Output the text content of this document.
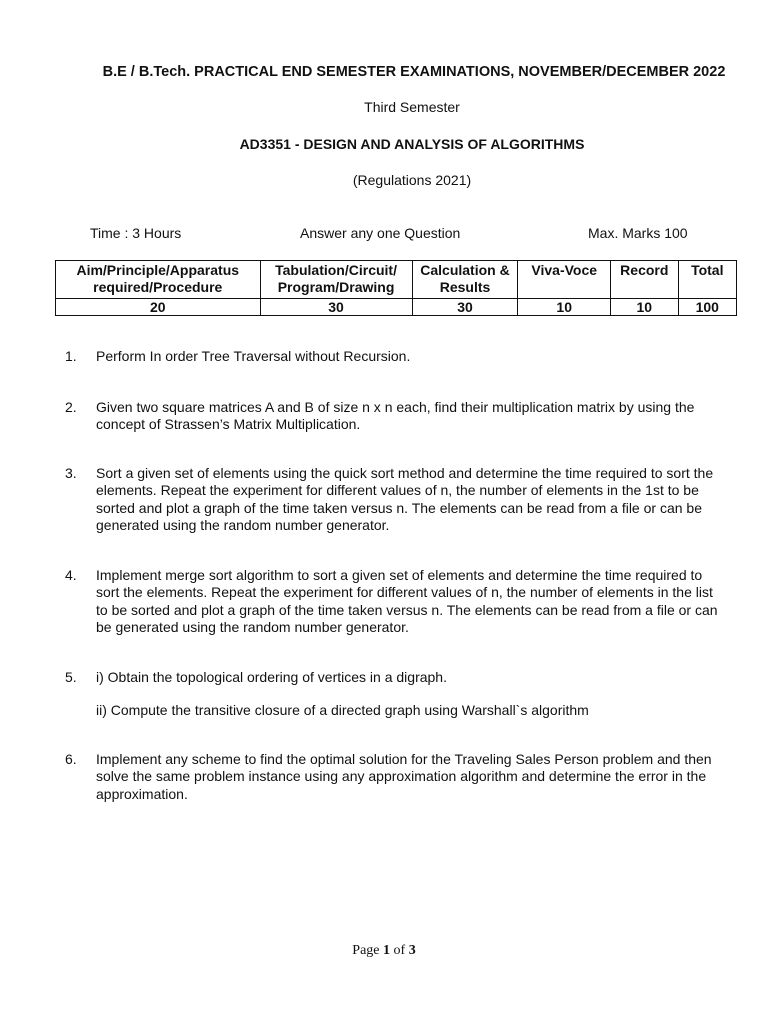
B.E / B.Tech. PRACTICAL END SEMESTER EXAMINATIONS, NOVEMBER/DECEMBER 2022
Third Semester
AD3351 - DESIGN AND ANALYSIS OF ALGORITHMS
(Regulations 2021)
Time : 3 Hours	Answer any one Question	Max. Marks 100
Aim/Principle/Apparatus required/Procedure	Tabulation/Circuit/ Program/Drawing	Calculation & Results	Viva-Voce	Record	Total
20	30	30	10	10	100
1.	Perform In order Tree Traversal without Recursion.
2.	Given two square matrices A and B of size n x n each, find their multiplication matrix by using the concept of Strassen’s Matrix Multiplication.
3.	Sort a given set of elements using the quick sort method and determine the time required to sort the elements. Repeat the experiment for different values of n, the number of elements in the 1st to be sorted and plot a graph of the time taken versus n. The elements can be read from a file or can be generated using the random number generator.
4.	Implement merge sort algorithm to sort a given set of elements and determine the time required to sort the elements. Repeat the experiment for different values of n, the number of elements in the list to be sorted and plot a graph of the time taken versus n. The elements can be read from a file or can be generated using the random number generator.
5.	i) Obtain the topological ordering of vertices in a digraph.
ii) Compute the transitive closure of a directed graph using Warshall`s algorithm
6.	Implement any scheme to find the optimal solution for the Traveling Sales Person problem and then solve the same problem instance using any approximation algorithm and determine the error in the approximation.
Page 1 of 3
